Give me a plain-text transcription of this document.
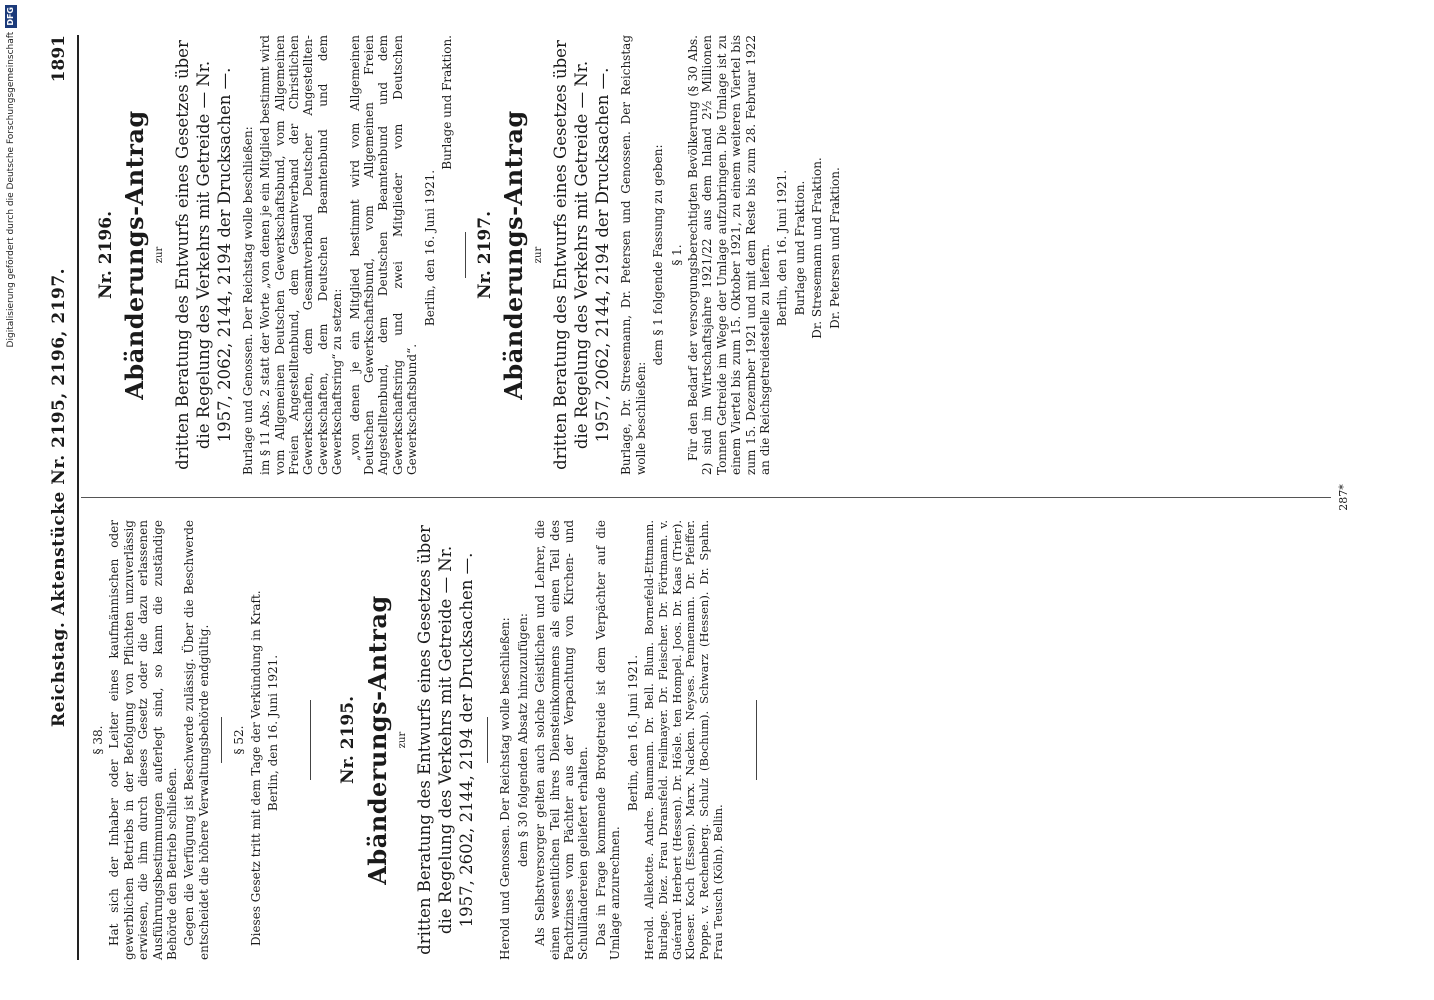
Digitalisierung gefördert durch die Deutsche ForschungsgemeinschaftDFG
Reichstag. Aktenstücke Nr. 2195, 2196, 2197.
1891
§ 38. Hat sich der Inhaber oder Leiter eines kaufmännischen oder gewerblichen Betriebs in der Befolgung von Pflichten unzuverlässig erwiesen, die ihm durch dieses Gesetz oder die dazu erlassenen Ausführungsbestimmungen auferlegt sind, so kann die zuständige Behörde den Betrieb schließen. Gegen die Verfügung ist Beschwerde zulässig. Über die Beschwerde entscheidet die höhere Verwaltungsbehörde endgültig. § 52. Dieses Gesetz tritt mit dem Tage der Verkündung in Kraft. Berlin, den 16. Juni 1921.	Nr. 2195. Abänderungs-Antrag zur dritten Beratung des Entwurfs eines Gesetzes über die Regelung des Verkehrs mit Getreide — Nr. 1957, 2602, 2144, 2194 der Drucksachen —. Herold und Genossen. Der Reichstag wolle beschließen: dem § 30 folgenden Absatz hinzuzufügen: Als Selbstversorger gelten auch solche Geistlichen und Lehrer, die einen wesentlichen Teil ihres Diensteinkommens als einen Teil des Pachtzinses vom Pächter aus der Verpachtung von Kirchen- und Schulländereien geliefert erhalten. Das in Frage kommende Brotgetreide ist dem Verpächter auf die Umlage anzurechnen.

Berlin, den 16. Juni 1921. Herold. Allekotte. Andre. Baumann. Dr. Bell. Blum. Bornefeld-Ettmann. Burlage. Diez. Frau Dransfeld. Feilmayer. Dr. Fleischer. Dr. Förtmann. v. Guérard. Herbert (Hessen). Dr. Hösle. ten Hompel. Joos. Dr. Kaas (Trier). Kloeser. Koch (Essen). Marx. Nacken. Neyses. Pennemann. Dr. Pfeiffer. Poppe. v. Rechenberg. Schulz (Bochum). Schwarz (Hessen). Dr. Spahn. Frau Teusch (Köln). Bellin.

Nr. 2196. Abänderungs-Antrag zur dritten Beratung des Entwurfs eines Gesetzes über die Regelung des Verkehrs mit Getreide — Nr. 1957, 2062, 2144, 2194 der Drucksachen —. Burlage und Genossen. Der Reichstag wolle beschließen: im § 11 Abs. 2 statt der Worte „von denen je ein Mitglied bestimmt wird vom Allgemeinen Deutschen Gewerkschaftsbund, vom Allgemeinen Freien Angestelltenbund, dem Gesamtverband der Christlichen Gewerkschaften, dem Gesamtverband Deutscher Angestellten-Gewerkschaften, dem Deutschen Beamtenbund und dem Gewerkschaftsring“ zu setzen: „von denen je ein Mitglied bestimmt wird vom Allgemeinen Deutschen Gewerkschaftsbund, vom Allgemeinen Freien Angestelltenbund, dem Deutschen Beamtenbund und dem Gewerkschaftsring und zwei Mitglieder vom Deutschen Gewerkschaftsbund“.

Berlin, den 16. Juni 1921.

Burlage und Fraktion.

Nr. 2197. Abänderungs-Antrag zur dritten Beratung des Entwurfs eines Gesetzes über die Regelung des Verkehrs mit Getreide — Nr. 1957, 2062, 2144, 2194 der Drucksachen —. Burlage, Dr. Stresemann, Dr. Petersen und Genossen. Der Reichstag wolle beschließen:

dem § 1 folgende Fassung zu geben: § 1. Für den Bedarf der versorgungsberechtigten Bevölkerung (§ 30 Abs. 2) sind im Wirtschaftsjahre 1921/22 aus dem Inland 2½ Millionen Tonnen Getreide im Wege der Umlage aufzubringen. Die Umlage ist zu einem Viertel bis zum 15. Oktober 1921, zu einem weiteren Viertel bis zum 15. Dezember 1921 und mit dem Reste bis zum 28. Februar 1922 an die Reichsgetreidestelle zu liefern. Berlin, den 16. Juni 1921. Burlage und Fraktion. Dr. Stresemann und Fraktion. Dr. Petersen und Fraktion.

287*
